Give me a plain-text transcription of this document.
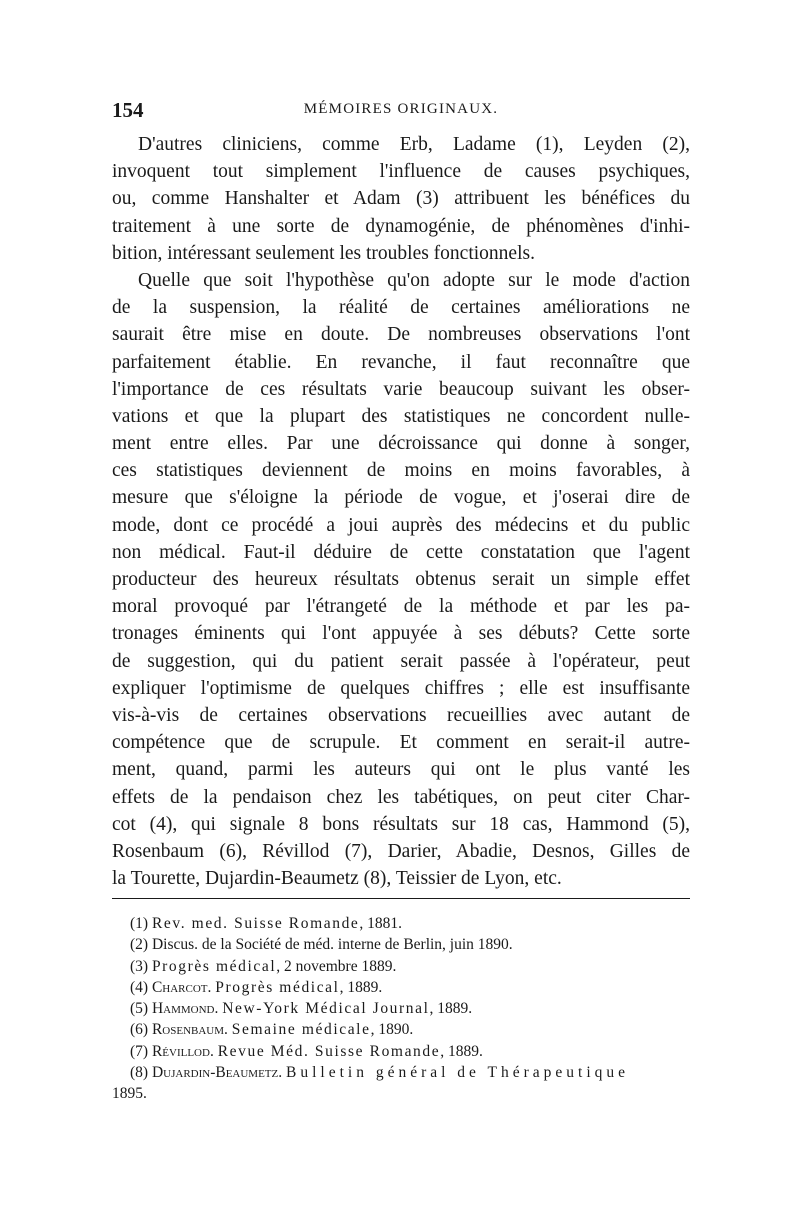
154	MÉMOIRES ORIGINAUX.
D'autres cliniciens, comme Erb, Ladame (1), Leyden (2),
invoquent tout simplement l'influence de causes psychiques,
ou, comme Hanshalter et Adam (3) attribuent les bénéfices du
traitement à une sorte de dynamogénie, de phénomènes d'inhi-
bition, intéressant seulement les troubles fonctionnels.
Quelle que soit l'hypothèse qu'on adopte sur le mode d'action
de la suspension, la réalité de certaines améliorations ne
saurait être mise en doute. De nombreuses observations l'ont
parfaitement établie. En revanche, il faut reconnaître que
l'importance de ces résultats varie beaucoup suivant les obser-
vations et que la plupart des statistiques ne concordent nulle-
ment entre elles. Par une décroissance qui donne à songer,
ces statistiques deviennent de moins en moins favorables, à
mesure que s'éloigne la période de vogue, et j'oserai dire de
mode, dont ce procédé a joui auprès des médecins et du public
non médical. Faut-il déduire de cette constatation que l'agent
producteur des heureux résultats obtenus serait un simple effet
moral provoqué par l'étrangeté de la méthode et par les pa-
tronages éminents qui l'ont appuyée à ses débuts? Cette sorte
de suggestion, qui du patient serait passée à l'opérateur, peut
expliquer l'optimisme de quelques chiffres ; elle est insuffisante
vis-à-vis de certaines observations recueillies avec autant de
compétence que de scrupule. Et comment en serait-il autre-
ment, quand, parmi les auteurs qui ont le plus vanté les
effets de la pendaison chez les tabétiques, on peut citer Char-
cot (4), qui signale 8 bons résultats sur 18 cas, Hammond (5),
Rosenbaum (6), Révillod (7), Darier, Abadie, Desnos, Gilles de
la Tourette, Dujardin-Beaumetz (8), Teissier de Lyon, etc.
(1) Rev. med. Suisse Romande, 1881.
(2) Discus. de la Société de méd. interne de Berlin, juin 1890.
(3) Progrès médical, 2 novembre 1889.
(4) Charcot. Progrès médical, 1889.
(5) Hammond. New-York Médical Journal, 1889.
(6) Rosenbaum. Semaine médicale, 1890.
(7) Révillod. Revue Méd. Suisse Romande, 1889.
(8) Dujardin-Beaumetz. Bulletin général de Thérapeutique
1895.
